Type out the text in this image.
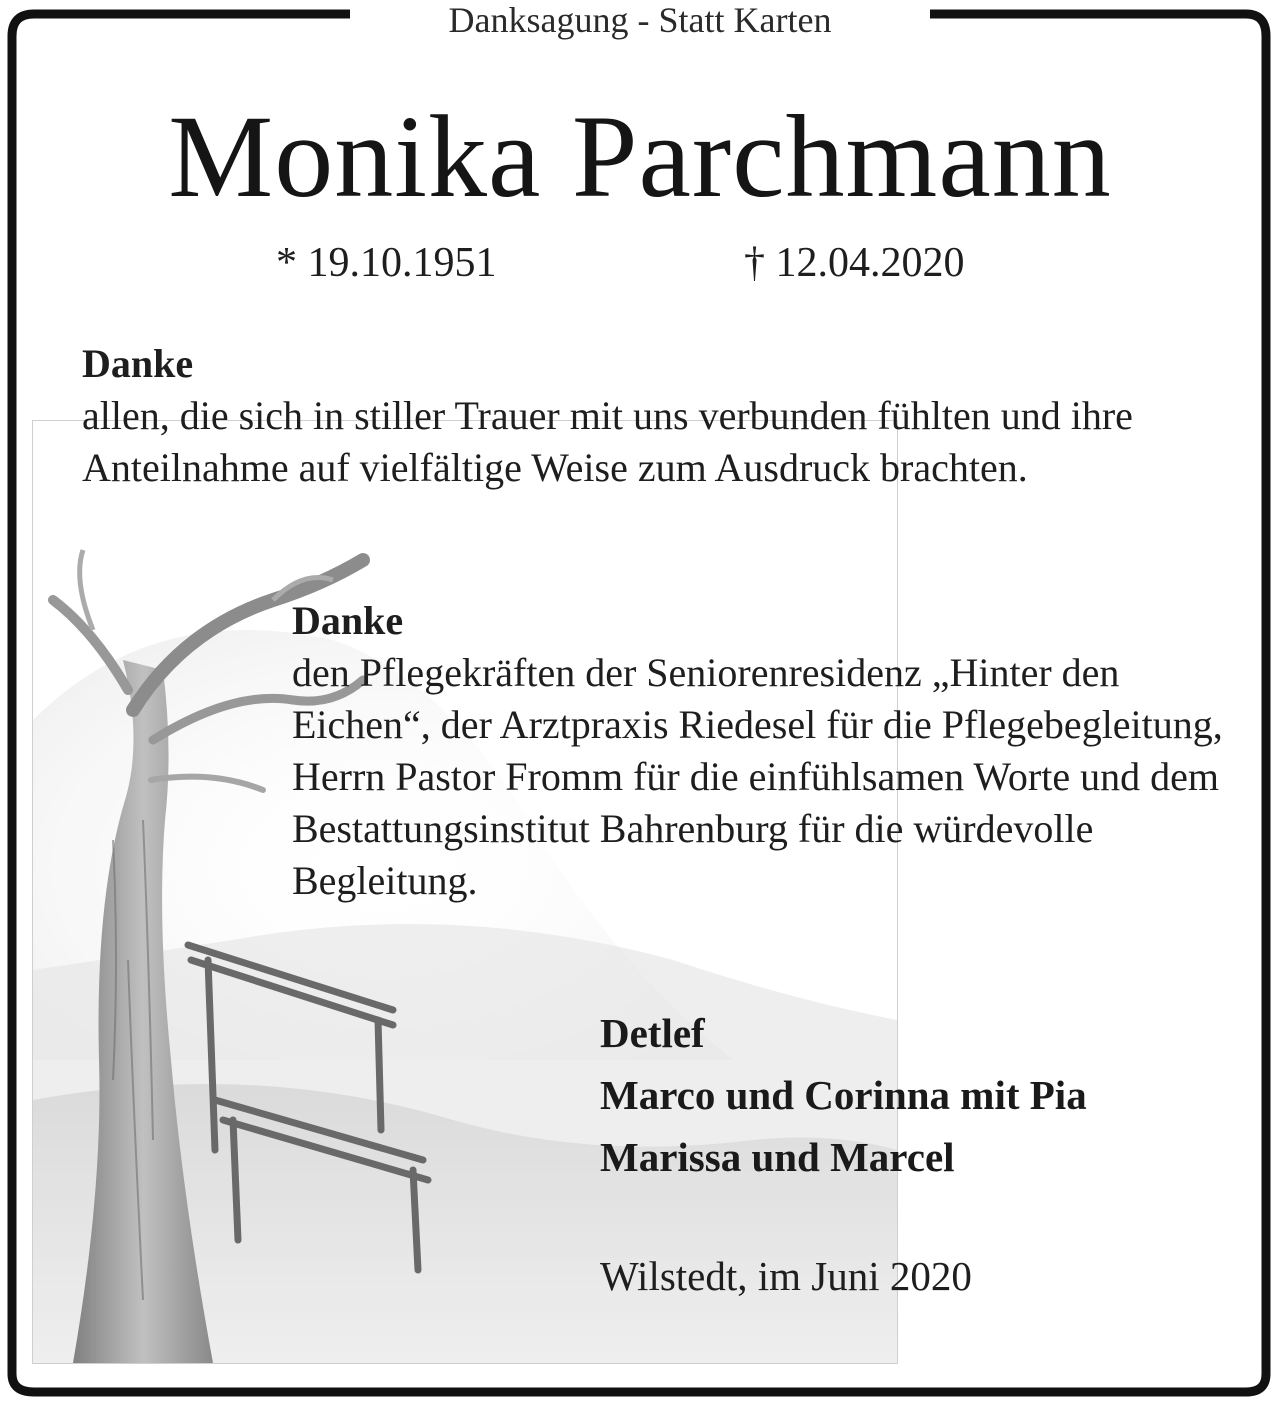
Danksagung - Statt Karten
Monika Parchmann
* 19.10.1951	† 12.04.2020
Danke
allen, die sich in stiller Trauer mit uns verbunden fühlten und ihre Anteilnahme auf vielfältige Weise zum Ausdruck brachten.
Danke
den Pflegekräften der Seniorenresidenz „Hinter den Eichen“, der Arztpraxis Riedesel für die Pflegebegleitung, Herrn Pastor Fromm für die einfühlsamen Worte und dem Bestattungsinstitut Bahrenburg für die würdevolle Begleitung.
Detlef
Marco und Corinna mit Pia
Marissa und Marcel
Wilstedt, im Juni 2020
